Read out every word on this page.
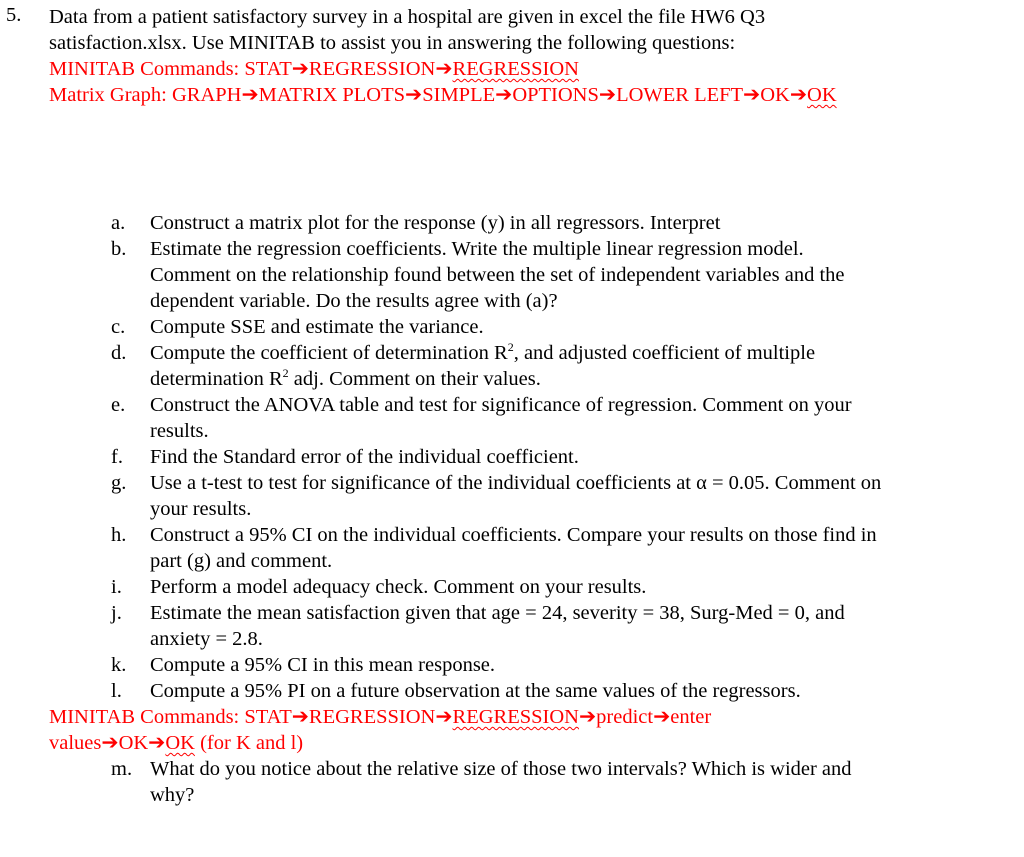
5. Data from a patient satisfactory survey in a hospital are given in excel the file HW6 Q3
satisfaction.xlsx. Use MINITAB to assist you in answering the following questions:
MINITAB Commands: STAT➔REGRESSION➔REGRESSION
Matrix Graph: GRAPH➔MATRIX PLOTS➔SIMPLE➔OPTIONS➔LOWER LEFT➔OK➔OK
a. Construct a matrix plot for the response (y) in all regressors. Interpret
b. Estimate the regression coefficients. Write the multiple linear regression model.
Comment on the relationship found between the set of independent variables and the
dependent variable. Do the results agree with (a)?
c. Compute SSE and estimate the variance.
d. Compute the coefficient of determination $R^2$, and adjusted coefficient of multiple
determination $R^2$ adj. Comment on their values.
e. Construct the ANOVA table and test for significance of regression. Comment on your
results.
f. Find the Standard error of the individual coefficient.
g. Use a t-test to test for significance of the individual coefficients at α = 0.05. Comment on
your results.
h. Construct a 95% CI on the individual coefficients. Compare your results on those find in
part (g) and comment.
i. Perform a model adequacy check. Comment on your results.
j. Estimate the mean satisfaction given that age = 24, severity = 38, Surg-Med = 0, and
anxiety = 2.8.
k. Compute a 95% CI in this mean response.
l. Compute a 95% PI on a future observation at the same values of the regressors.
MINITAB Commands: STAT➔REGRESSION➔REGRESSION➔predict➔enter
values➔OK➔OK (for K and l)
m. What do you notice about the relative size of those two intervals? Which is wider and
why?
